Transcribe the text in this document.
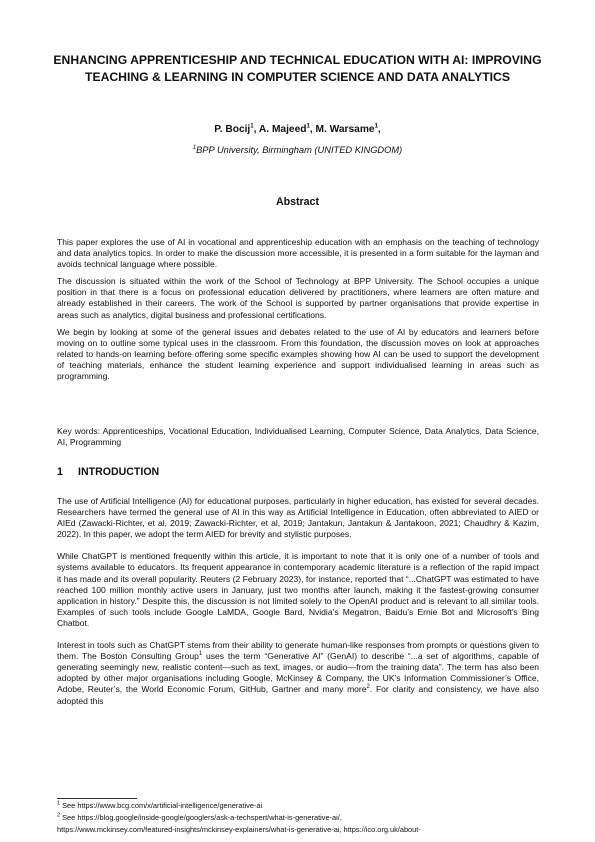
ENHANCING APPRENTICESHIP AND TECHNICAL EDUCATION WITH AI: IMPROVING TEACHING & LEARNING IN COMPUTER SCIENCE AND DATA ANALYTICS
P. Bocij$^1$, A. Majeed$^1$, M. Warsame$^1$,
$^1$BPP University, Birmingham (UNITED KINGDOM)
Abstract

This paper explores the use of AI in vocational and apprenticeship education with an emphasis on the teaching of technology and data analytics topics. In order to make the discussion more accessible, it is presented in a form suitable for the layman and avoids technical language where possible.

The discussion is situated within the work of the School of Technology at BPP University. The School occupies a unique position in that there is a focus on professional education delivered by practitioners, where learners are often mature and already established in their careers. The work of the School is supported by partner organisations that provide expertise in areas such as analytics, digital business and professional certifications.

We begin by looking at some of the general issues and debates related to the use of AI by educators and learners before moving on to outline some typical uses in the classroom. From this foundation, the discussion moves on look at approaches related to hands-on learning before offering some specific examples showing how AI can be used to support the development of teaching materials, enhance the student learning experience and support individualised learning in areas such as programming.

Key words: Apprenticeships, Vocational Education, Individualised Learning, Computer Science, Data Analytics, Data Science, AI, Programming
1 INTRODUCTION

The use of Artificial Intelligence (AI) for educational purposes, particularly in higher education, has existed for several decades. Researchers have termed the general use of AI in this way as Artificial Intelligence in Education, often abbreviated to AIED or AIEd (Zawacki-Richter, et al, 2019; Zawacki-Richter, et al, 2019; Jantakun, Jantakun & Jantakoon, 2021; Chaudhry & Kazim, 2022). In this paper, we adopt the term AIED for brevity and stylistic purposes.

While ChatGPT is mentioned frequently within this article, it is important to note that it is only one of a number of tools and systems available to educators. Its frequent appearance in contemporary academic literature is a reflection of the rapid impact it has made and its overall popularity. Reuters (2 February 2023), for instance, reported that “...ChatGPT was estimated to have reached 100 million monthly active users in January, just two months after launch, making it the fastest-growing consumer application in history.” Despite this, the discussion is not limited solely to the OpenAI product and is relevant to all similar tools. Examples of such tools include Google LaMDA, Google Bard, Nvidia’s Megatron, Baidu’s Ernie Bot and Microsoft’s Bing Chatbot.

Interest in tools such as ChatGPT stems from their ability to generate human-like responses from prompts or questions given to them. The Boston Consulting Group$^1$ uses the term “Generative AI” (GenAI) to describe “...a set of algorithms, capable of generating seemingly new, realistic content—such as text, images, or audio—from the training data”. The term has also been adopted by other major organisations including Google, McKinsey & Company, the UK’s Information Commissioner’s Office, Adobe, Reuter’s, the World Economic Forum, GitHub, Gartner and many more$^2$. For clarity and consistency, we have also adopted this

$^1$ See https://www.bcg.com/x/artificial-intelligence/generative-ai
$^2$ See https://blog.google/inside-google/googlers/ask-a-techspert/what-is-generative-ai/,
https://www.mckinsey.com/featured-insights/mckinsey-explainers/what-is-generative-ai, https://ico.org.uk/about-
